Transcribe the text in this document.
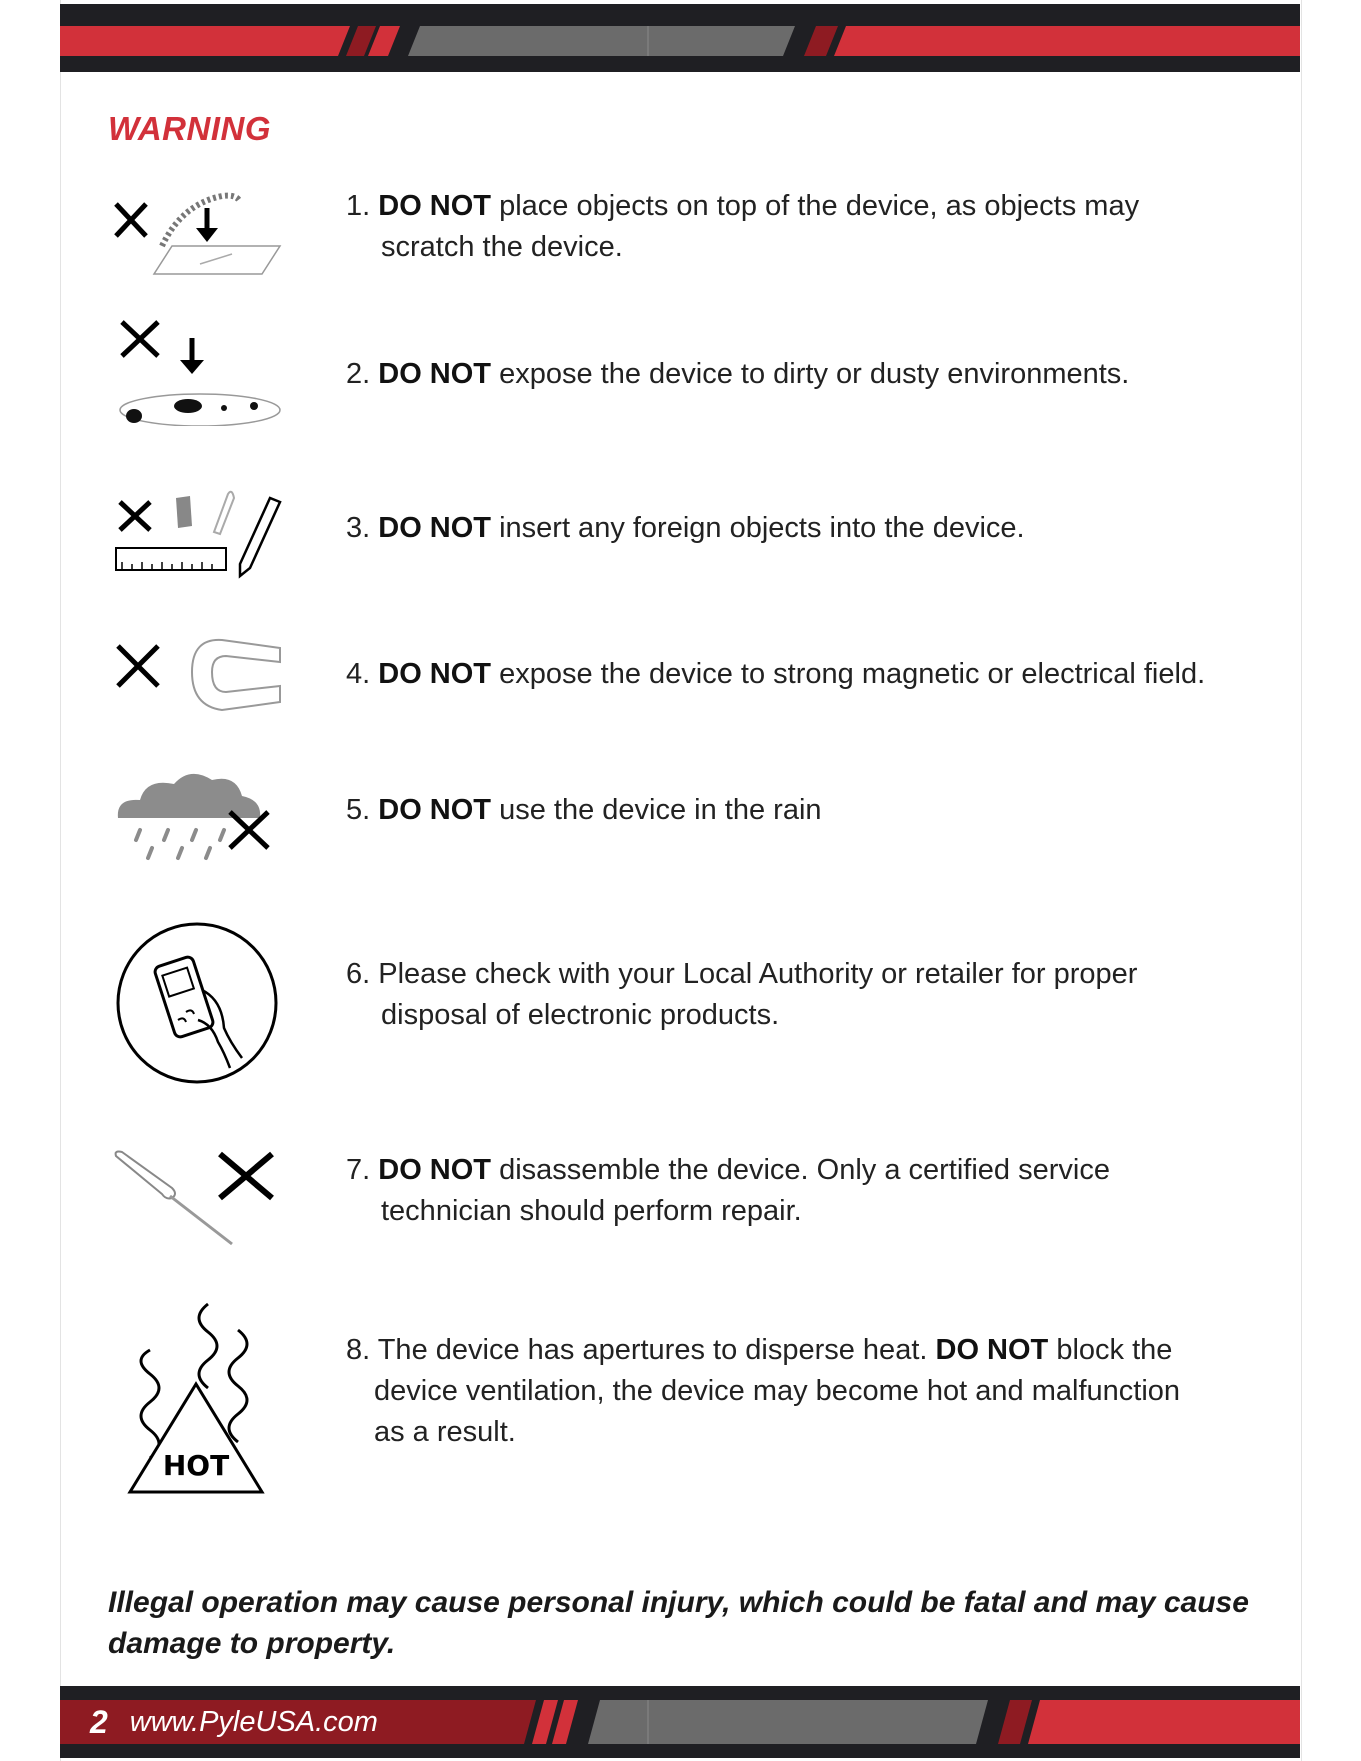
WARNING
1. DO NOT place objects on top of the device, as objects may
scratch the device.
2. DO NOT expose the device to dirty or dusty environments.
3. DO NOT insert any foreign objects into the device.
4. DO NOT expose the device to strong magnetic or electrical field.
5. DO NOT use the device in the rain
6. Please check with your Local Authority or retailer for proper
disposal of electronic products.
7. DO NOT disassemble the device. Only a certified service
technician should perform repair.
HOT
8. The device has apertures to disperse heat. DO NOT block the
device ventilation, the device may become hot and malfunction
as a result.

Illegal operation may cause personal injury, which could be fatal and may cause damage to property.

2 www.PyleUSA.com
